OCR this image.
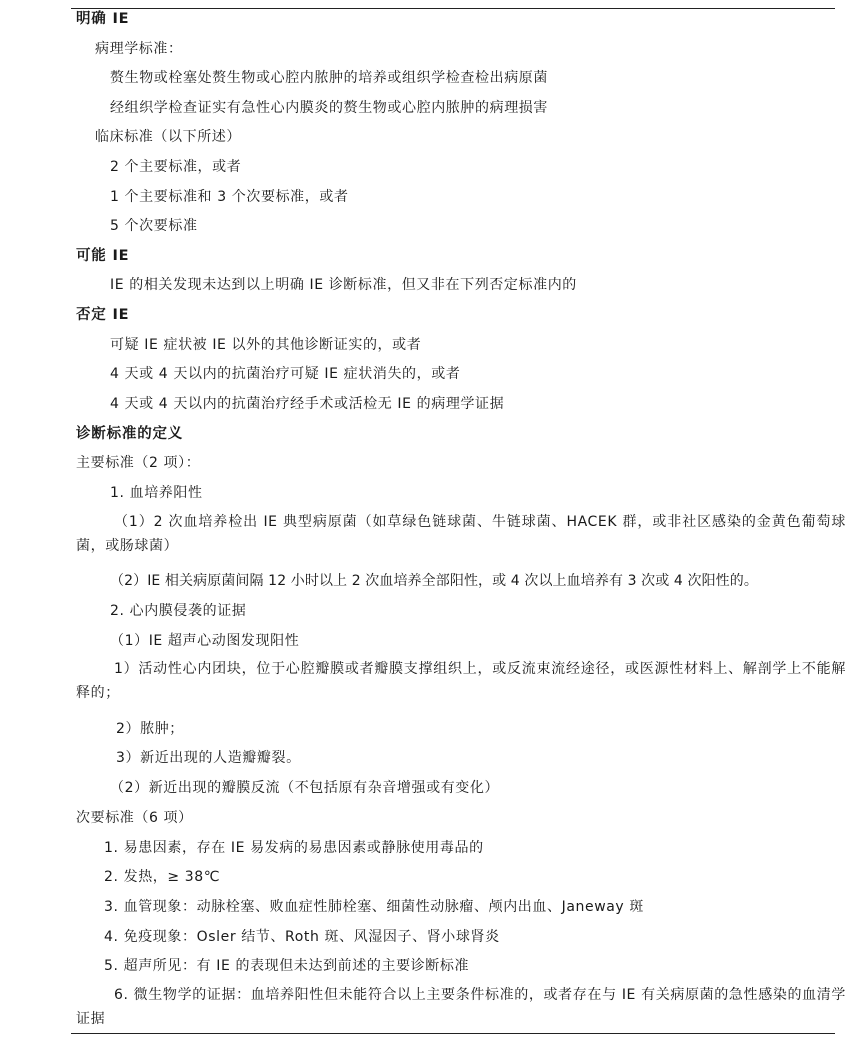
明确 IE
病理学标准：
赘生物或栓塞处赘生物或心腔内脓肿的培养或组织学检查检出病原菌
经组织学检查证实有急性心内膜炎的赘生物或心腔内脓肿的病理损害
临床标准（以下所述）
2 个主要标准，或者
1 个主要标准和 3 个次要标准，或者
5 个次要标准
可能 IE
IE 的相关发现未达到以上明确 IE 诊断标准，但又非在下列否定标准内的
否定 IE
可疑 IE 症状被 IE 以外的其他诊断证实的，或者
4 天或 4 天以内的抗菌治疗可疑 IE 症状消失的，或者
4 天或 4 天以内的抗菌治疗经手术或活检无 IE 的病理学证据
诊断标准的定义
主要标准（2 项）：
1. 血培养阳性
（1）2 次血培养检出 IE 典型病原菌（如草绿色链球菌、牛链球菌、HACEK 群，或非社区感染的金黄色葡萄球菌，或肠球菌）
（2）IE 相关病原菌间隔 12 小时以上 2 次血培养全部阳性，或 4 次以上血培养有 3 次或 4 次阳性的。
2. 心内膜侵袭的证据
（1）IE 超声心动图发现阳性
1）活动性心内团块，位于心腔瓣膜或者瓣膜支撑组织上，或反流束流经途径，或医源性材料上、解剖学上不能解释的；
2）脓肿；
3）新近出现的人造瓣瓣裂。
（2）新近出现的瓣膜反流（不包括原有杂音增强或有变化）
次要标准（6 项）
1. 易患因素，存在 IE 易发病的易患因素或静脉使用毒品的
2. 发热，≥ 38℃
3. 血管现象：动脉栓塞、败血症性肺栓塞、细菌性动脉瘤、颅内出血、Janeway 斑
4. 免疫现象：Osler 结节、Roth 斑、风湿因子、肾小球肾炎
5. 超声所见：有 IE 的表现但未达到前述的主要诊断标准
6. 微生物学的证据：血培养阳性但未能符合以上主要条件标准的，或者存在与 IE 有关病原菌的急性感染的血清学证据
